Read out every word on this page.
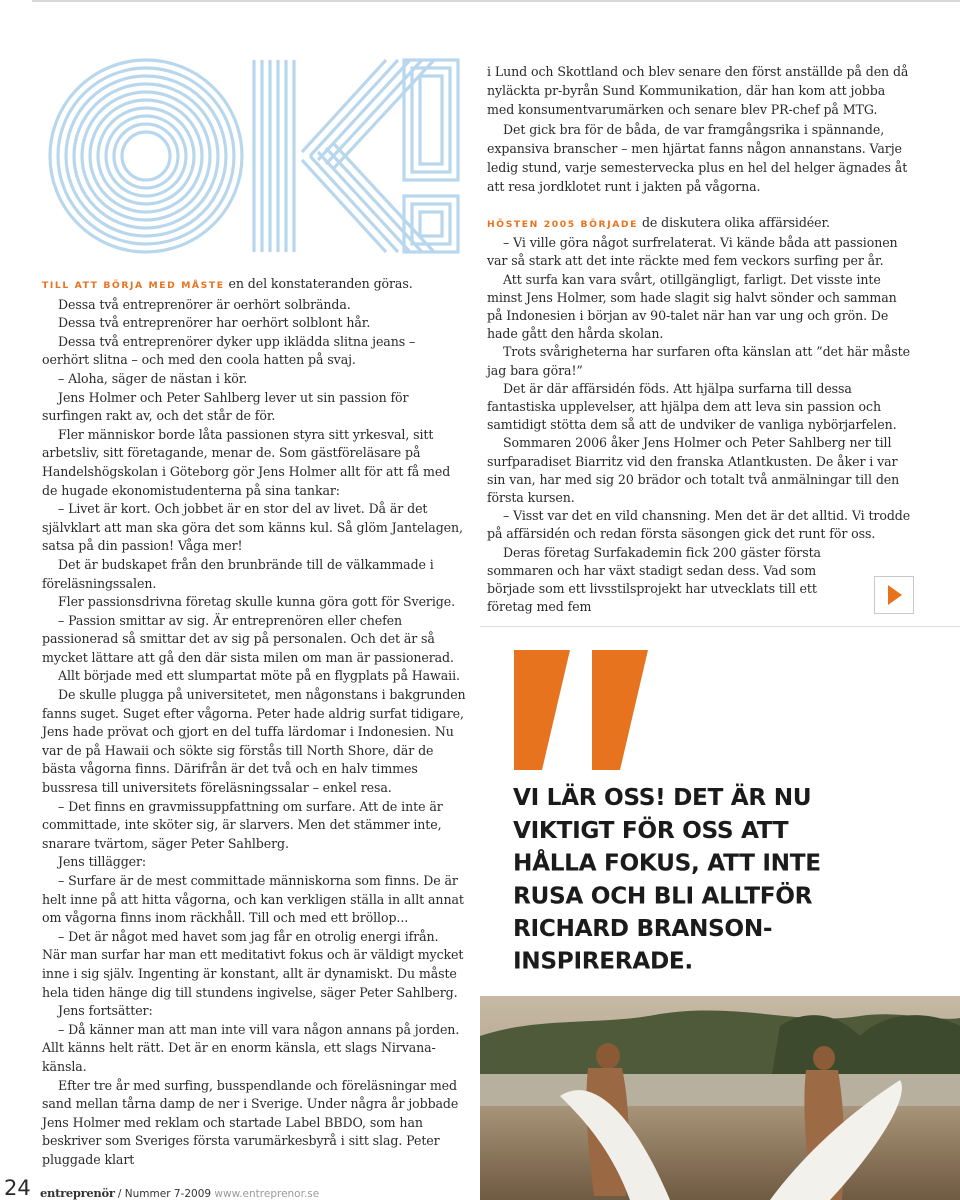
TILL ATT BÖRJA MED MÅSTE en del konstateranden göras.

Dessa två entreprenörer är oerhört solbrända.

Dessa två entreprenörer har oerhört solblont hår.

Dessa två entreprenörer dyker upp iklädda slitna jeans – oerhört slitna – och med den coola hatten på svaj.

– Aloha, säger de nästan i kör.

Jens Holmer och Peter Sahlberg lever ut sin passion för surfingen rakt av, och det står de för.

Fler människor borde låta passionen styra sitt yrkesval, sitt arbetsliv, sitt företagande, menar de. Som gästföreläsare på Handelshögskolan i Göteborg gör Jens Holmer allt för att få med de hugade ekonomistudenterna på sina tankar:

– Livet är kort. Och jobbet är en stor del av livet. Då är det självklart att man ska göra det som känns kul. Så glöm Jantelagen, satsa på din passion! Våga mer!

Det är budskapet från den brunbrände till de välkammade i föreläsningssalen.

Fler passionsdrivna företag skulle kunna göra gott för Sverige.

– Passion smittar av sig. Är entreprenören eller chefen passionerad så smittar det av sig på personalen. Och det är så mycket lättare att gå den där sista milen om man är passionerad.

Allt började med ett slumpartat möte på en flygplats på Hawaii.

De skulle plugga på universitetet, men någonstans i bakgrunden fanns suget. Suget efter vågorna. Peter hade aldrig surfat tidigare, Jens hade prövat och gjort en del tuffa lärdomar i Indonesien. Nu var de på Hawaii och sökte sig förstås till North Shore, där de bästa vågorna finns. Därifrån är det två och en halv timmes bussresa till universitets föreläsningssalar – enkel resa.

– Det finns en gravmissuppfattning om surfare. Att de inte är committade, inte sköter sig, är slarvers. Men det stämmer inte, snarare tvärtom, säger Peter Sahlberg.

Jens tillägger:

– Surfare är de mest committade människorna som finns. De är helt inne på att hitta vågorna, och kan verkligen ställa in allt annat om vågorna finns inom räckhåll. Till och med ett bröllop...

– Det är något med havet som jag får en otrolig energi ifrån. När man surfar har man ett meditativt fokus och är väldigt mycket inne i sig själv. Ingenting är konstant, allt är dynamiskt. Du måste hela tiden hänge dig till stundens ingivelse, säger Peter Sahlberg.

Jens fortsätter:

– Då känner man att man inte vill vara någon annans på jorden. Allt känns helt rätt. Det är en enorm känsla, ett slags Nirvana-känsla.

Efter tre år med surfing, busspendlande och föreläsningar med sand mellan tårna damp de ner i Sverige. Under några år jobbade Jens Holmer med reklam och startade Label BBDO, som han beskriver som Sveriges första varumärkesbyrå i sitt slag. Peter pluggade klart

i Lund och Skottland och blev senare den först anställde på den då nyläckta pr-byrån Sund Kommunikation, där han kom att jobba med konsumentvarumärken och senare blev PR-chef på MTG.

Det gick bra för de båda, de var framgångsrika i spännande, expansiva branscher – men hjärtat fanns någon annanstans. Varje ledig stund, varje semestervecka plus en hel del helger ägnades åt att resa jordklotet runt i jakten på vågorna.

HÖSTEN 2005 BÖRJADE de diskutera olika affärsidéer.

– Vi ville göra något surfrelaterat. Vi kände båda att passionen var så stark att det inte räckte med fem veckors surfing per år.

Att surfa kan vara svårt, otillgängligt, farligt. Det visste inte minst Jens Holmer, som hade slagit sig halvt sönder och samman på Indonesien i början av 90-talet när han var ung och grön. De hade gått den hårda skolan.

Trots svårigheterna har surfaren ofta känslan att ”det här måste jag bara göra!”

Det är där affärsidén föds. Att hjälpa surfarna till dessa fantastiska upplevelser, att hjälpa dem att leva sin passion och samtidigt stötta dem så att de undviker de vanliga nybörjarfelen.

Sommaren 2006 åker Jens Holmer och Peter Sahlberg ner till surfparadiset Biarritz vid den franska Atlantkusten. De åker i var sin van, har med sig 20 brädor och totalt två anmälningar till den första kursen.

– Visst var det en vild chansning. Men det är det alltid. Vi trodde på affärsidén och redan första säsongen gick det runt för oss.

Deras företag Surfakademin fick 200 gäster första sommaren och har växt stadigt sedan dess. Vad som började som ett livsstilsprojekt har utvecklats till ett företag med fem

VI LÄR OSS! DET ÄR NU VIKTIGT FÖR OSS ATT HÅLLA FOKUS, ATT INTE RUSA OCH BLI ALLTFÖR RICHARD BRANSON-INSPIRERADE.
24 entreprenör / Nummer 7-2009 www.entreprenor.se
